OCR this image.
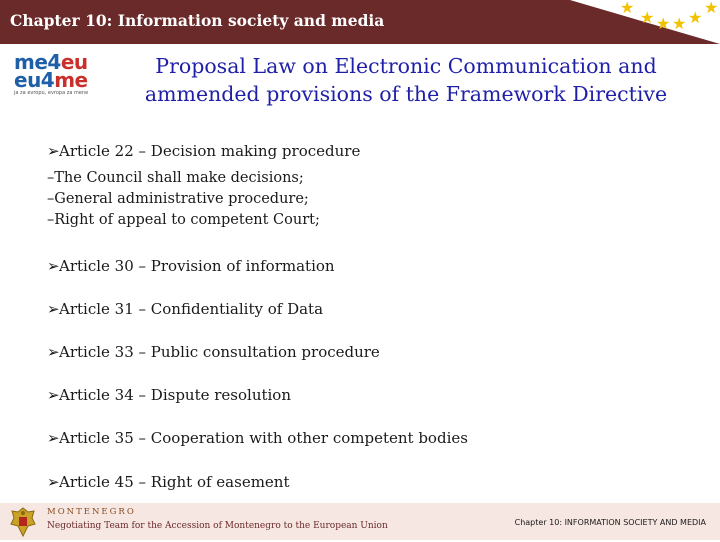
Chapter 10: Information society and media
★
★ ★ ★ ★
★
me4eu
eu4me
ja za evropu, evropa za mene
Proposal Law on Electronic Communication and
ammended provisions of the Framework Directive
➢Article 22 – Decision making procedure
–The Council shall make decisions;
–General administrative procedure;
–Right of appeal to competent Court;
➢Article 30 – Provision of information
➢Article 31 – Confidentiality of Data
➢Article 33 – Public consultation procedure
➢Article 34 – Dispute resolution
➢Article 35 – Cooperation with other competent bodies
➢Article 45 – Right of easement
MONTENEGRO
Negotiating Team for the Accession of Montenegro to the European Union	Chapter 10: INFORMATION SOCIETY AND MEDIA
